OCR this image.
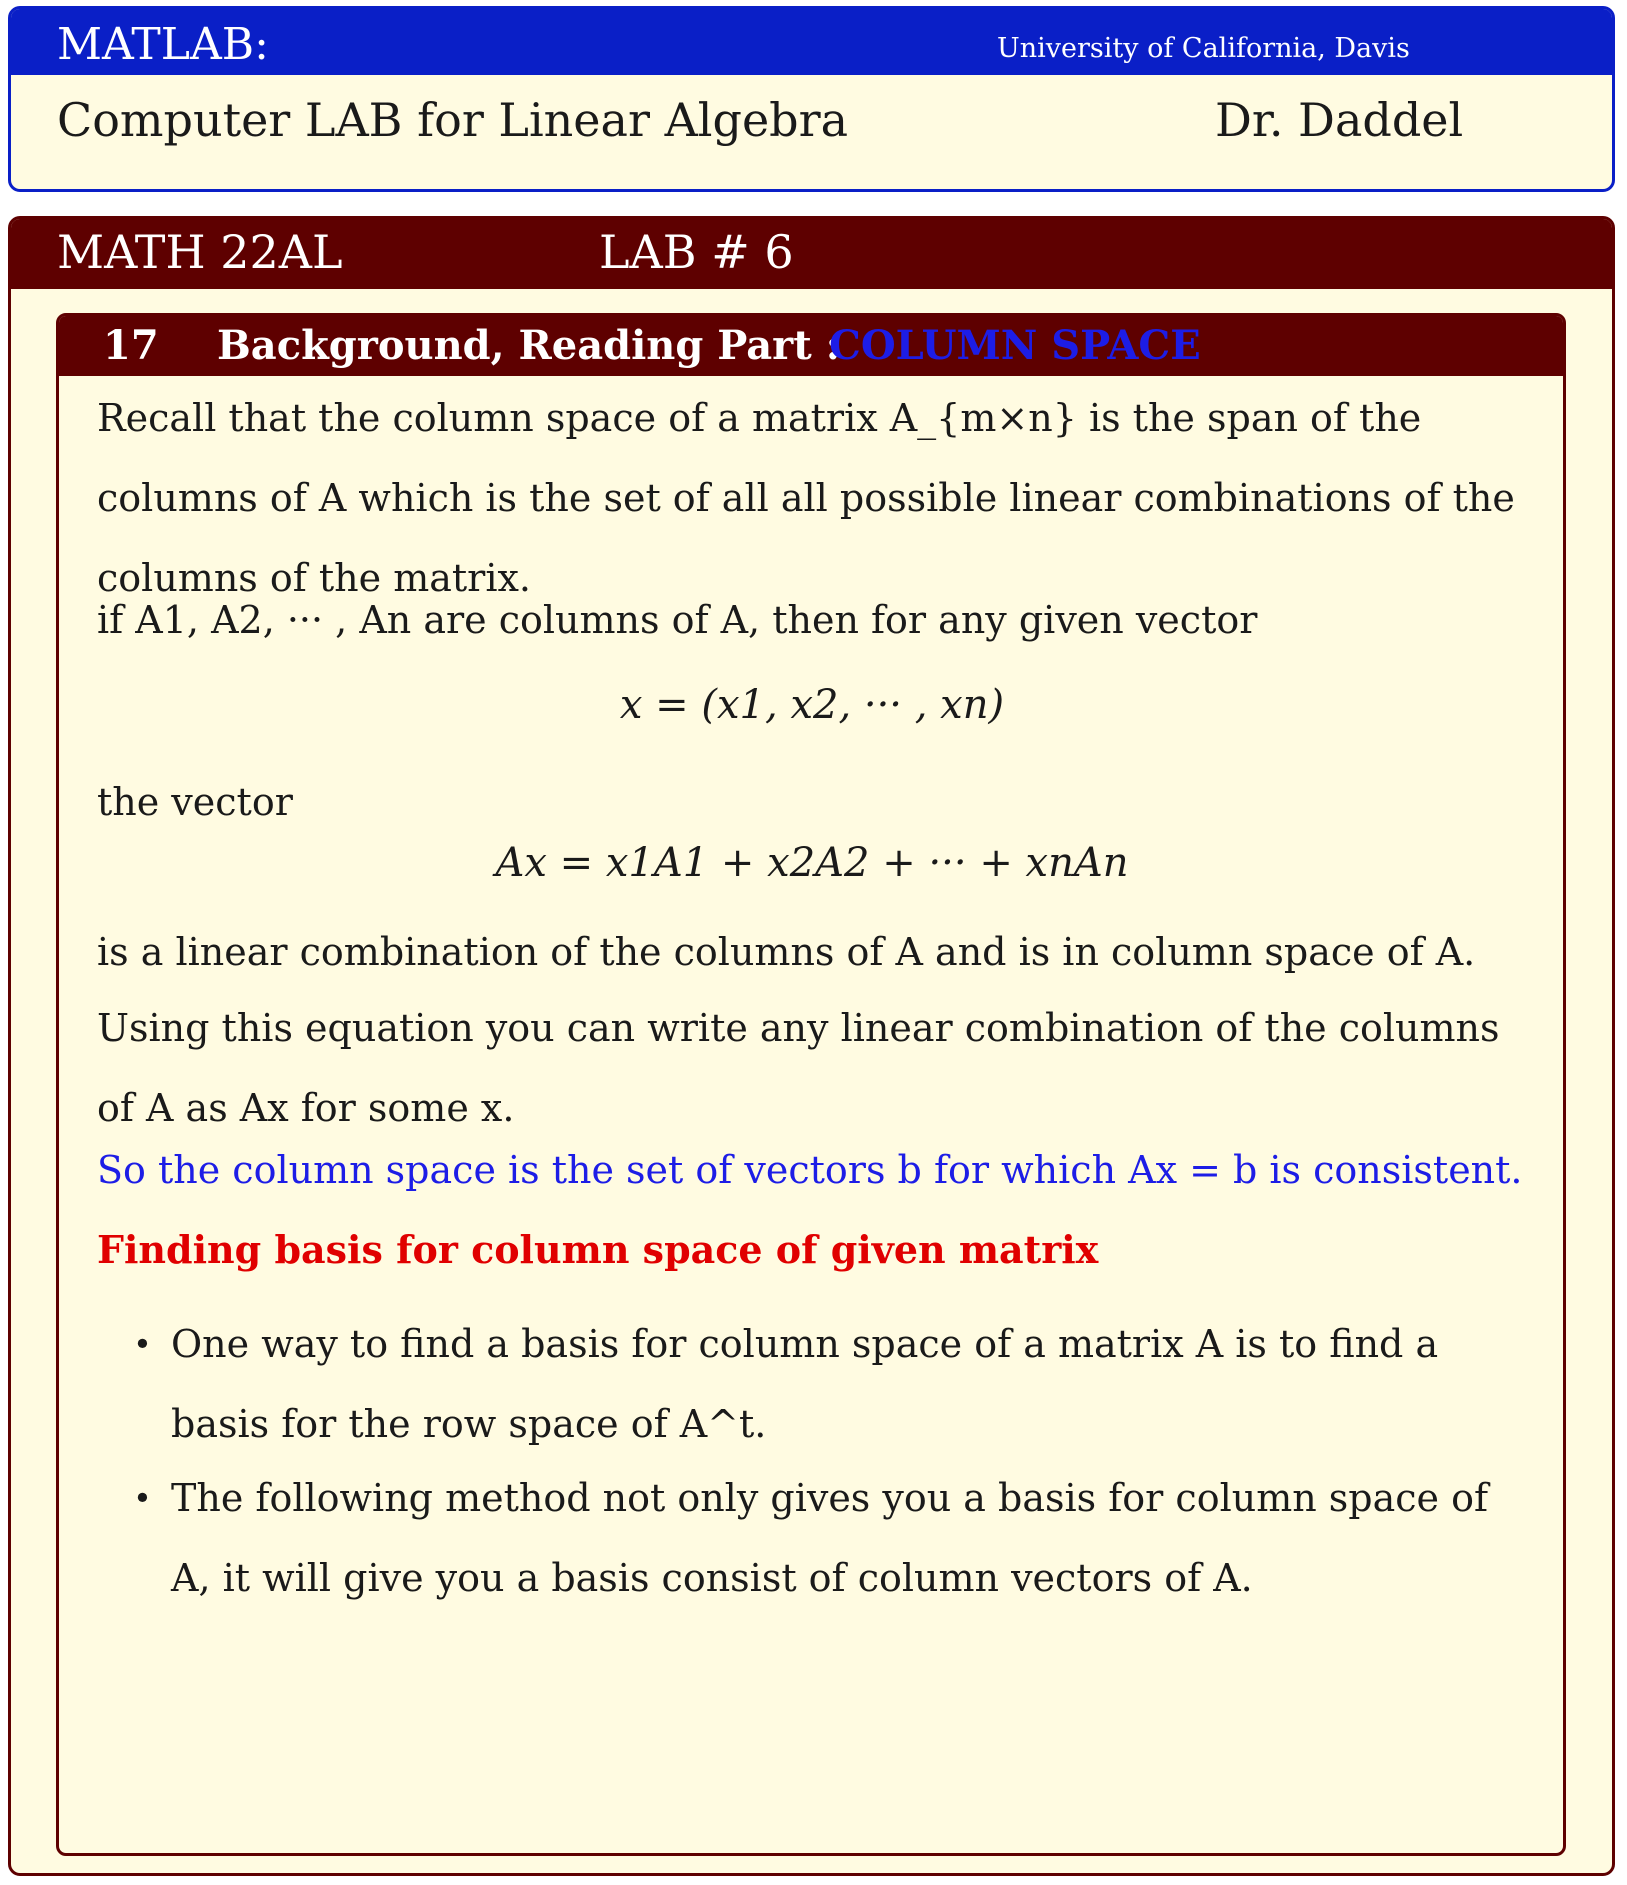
MATLAB:	University of California, Davis
Computer LAB for Linear Algebra	Dr. Daddel
MATH 22AL	LAB # 6
17 Background, Reading Part :
COLUMN SPACE

Recall that the column space of a matrix A_{m×n} is the span of the columns of A which is the set of all all possible linear combinations of the columns of the matrix.

if A1, A2, ··· , An are columns of A, then for any given vector

x = (x1, x2, ··· , xn)

the vector

Ax = x1A1 + x2A2 + ··· + xnAn

is a linear combination of the columns of A and is in column space of A.

Using this equation you can write any linear combination of the columns of A as Ax for some x.

So the column space is the set of vectors b for which Ax = b is consistent.

Finding basis for column space of given matrix

• One way to find a basis for column space of a matrix A is to find a basis for the row space of A^t.

• The following method not only gives you a basis for column space of A, it will give you a basis consist of column vectors of A.
